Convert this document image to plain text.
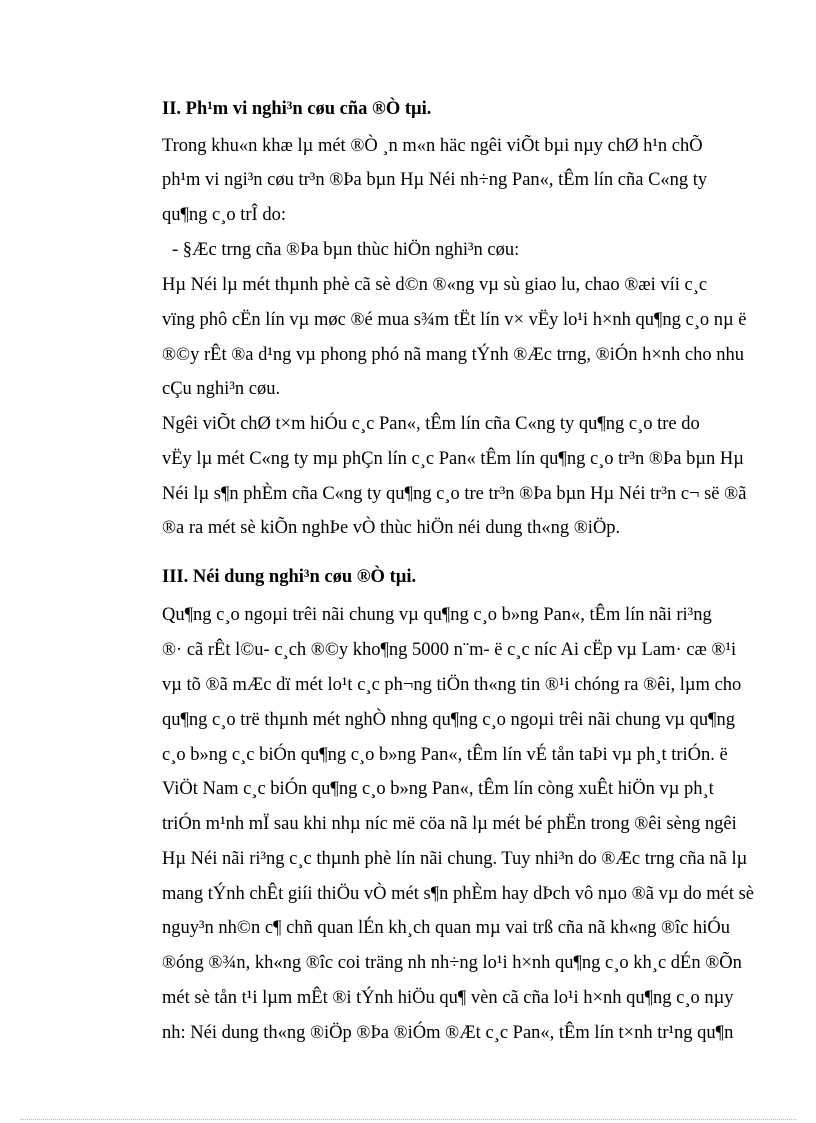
II. Ph¹m vi nghi³n cøu cña ®Ò tµi.
Trong khu«n khæ lµ mét ®Ò ¸n m«n häc ngêi viÕt bµi nµy chØ h¹n chÕ
ph¹m vi ngi³n cøu tr³n ®Þa bµn Hµ Néi nh÷ng Pan«, tÊm lín cña C«ng ty
qu¶ng c¸o trÎ do:
- §Æc trng cña ®Þa bµn thùc hiÖn nghi³n cøu:
Hµ Néi lµ mét thµnh phè cã sè d©n ®«ng vµ sù giao lu, chao ®æi víi c¸c
vïng phô cËn lín vµ møc ®é mua s¾m tËt lín v× vËy lo¹i h×nh qu¶ng c¸o nµ ë
®©y rÊt ®a d¹ng vµ phong phó nã mang tÝnh ®Æc trng, ®iÓn h×nh cho nhu
cÇu nghi³n cøu.
Ngêi viÕt chØ t×m hiÓu c¸c Pan«, tÊm lín cña C«ng ty qu¶ng c¸o tre do
vËy lµ mét C«ng ty mµ phÇn lín c¸c Pan« tÊm lín qu¶ng c¸o tr³n ®Þa bµn Hµ
Néi lµ s¶n phÈm cña C«ng ty qu¶ng c¸o tre tr³n ®Þa bµn Hµ Néi tr³n c¬ së ®ã
®a ra mét sè kiÕn nghÞe vÒ thùc hiÖn néi dung th«ng ®iÖp.
III. Néi dung nghi³n cøu ®Ò tµi.
Qu¶ng c¸o ngoµi trêi nãi chung vµ qu¶ng c¸o b»ng Pan«, tÊm lín nãi ri³ng
®· cã rÊt l©u- c¸ch ®©y kho¶ng 5000 n¨m- ë c¸c níc Ai cËp vµ Lam· cæ ®¹i
vµ tõ ®ã mÆc dï mét lo¹t c¸c ph¬ng tiÖn th«ng tin ®¹i chóng ra ®êi, lµm cho
qu¶ng c¸o trë thµnh mét nghÒ nhng qu¶ng c¸o ngoµi trêi nãi chung vµ qu¶ng
c¸o b»ng c¸c biÓn qu¶ng c¸o b»ng Pan«, tÊm lín vÉ tån taÞi vµ ph¸t triÓn. ë
ViÖt Nam c¸c biÓn qu¶ng c¸o b»ng Pan«, tÊm lín còng xuÊt hiÖn vµ ph¸t
triÓn m¹nh mÏ sau khi nhµ níc më cöa nã lµ mét bé phËn trong ®êi sèng ngêi
Hµ Néi nãi ri³ng c¸c thµnh phè lín nãi chung. Tuy nhi³n do ®Æc trng cña nã lµ
mang tÝnh chÊt giíi thiÖu vÒ mét s¶n phÈm hay dÞch vô nµo ®ã vµ do mét sè
nguy³n nh©n c¶ chñ quan lÉn kh¸ch quan mµ vai trß cña nã kh«ng ®îc hiÓu
®óng ®¾n, kh«ng ®îc coi träng nh nh÷ng lo¹i h×nh qu¶ng c¸o kh¸c dÉn ®Õn
mét sè tån t¹i lµm mÊt ®i tÝnh hiÖu qu¶ vèn cã cña lo¹i h×nh qu¶ng c¸o nµy
nh: Néi dung th«ng ®iÖp ®Þa ®iÓm ®Æt c¸c Pan«, tÊm lín t×nh tr¹ng qu¶n
